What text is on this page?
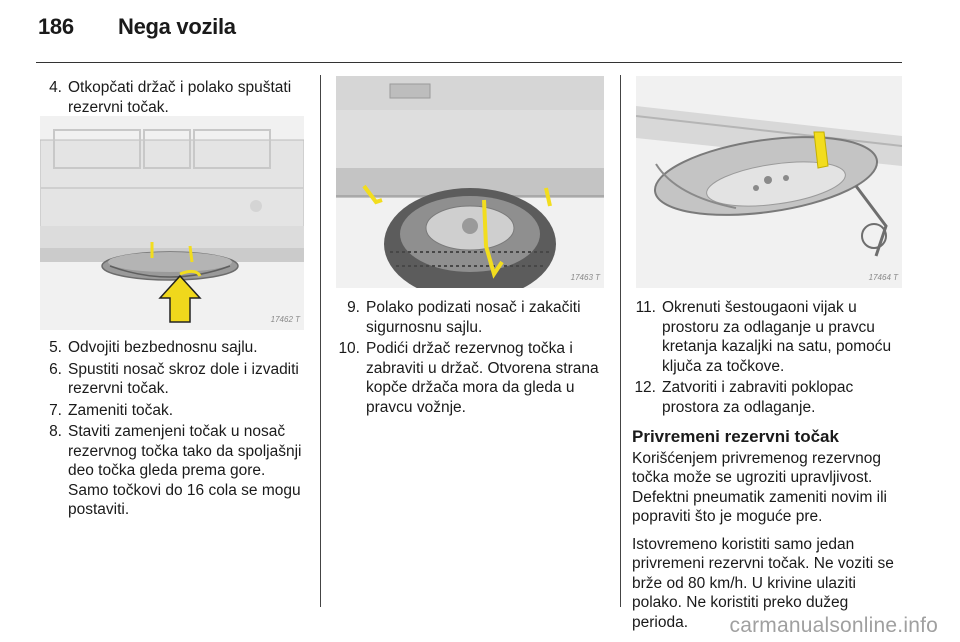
186	Nega vozila
4. Otkopčati držač i polako spuštati rezervni točak.
17462 T
5. Odvojiti bezbednosnu sajlu.
6. Spustiti nosač skroz dole i izvaditi rezervni točak.
7. Zameniti točak.
8. Staviti zamenjeni točak u nosač rezervnog točka tako da spoljašnji deo točka gleda prema gore. Samo točkovi do 16 cola se mogu postaviti.
17463 T
9. Polako podizati nosač i zakačiti sigurnosnu sajlu.
10. Podići držač rezervnog točka i zabraviti u držač. Otvorena strana kopče držača mora da gleda u pravcu vožnje.
17464 T
11. Okrenuti šestougaoni vijak u prostoru za odlaganje u pravcu kretanja kazaljki na satu, pomoću ključa za točkove.
12. Zatvoriti i zabraviti poklopac prostora za odlaganje.
Privremeni rezervni točak

Korišćenjem privremenog rezervnog točka može se ugroziti upravljivost. Defektni pneumatik zameniti novim ili popraviti što je moguće pre.

Istovremeno koristiti samo jedan privremeni rezervni točak. Ne voziti se brže od 80 km/h. U krivine ulaziti polako. Ne koristiti preko dužeg perioda.	carmanualsonline.info
